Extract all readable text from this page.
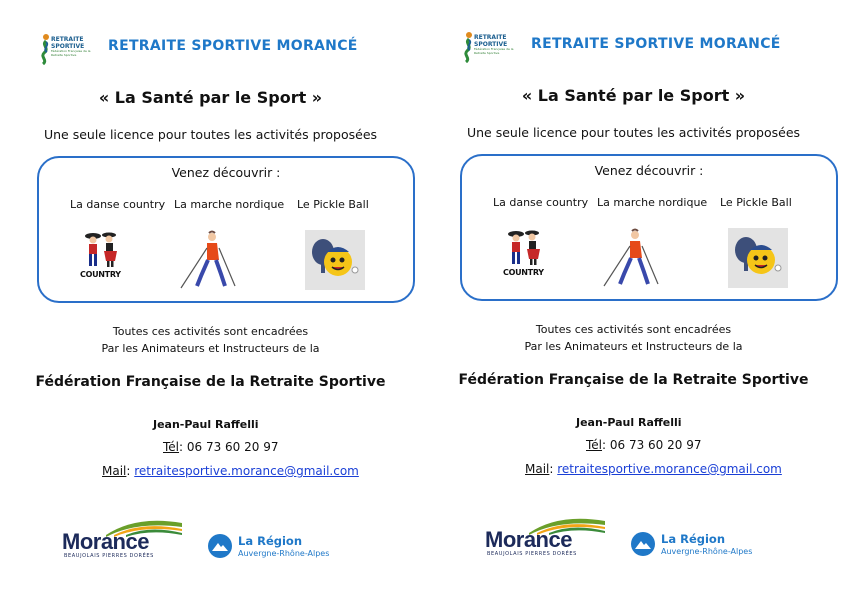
RETRAITE
SPORTIVE
Fédération Française de la Retraite Sportive
RETRAITE SPORTIVE MORANCÉ
« La Santé par le Sport »
Une seule licence pour toutes les activités proposées
Venez découvrir :
La danse country La marche nordique Le Pickle Ball
COUNTRY
Toutes ces activités sont encadrées
Par les Animateurs et Instructeurs de la
Fédération Française de la Retraite Sportive
Jean-Paul Raffelli
Tél: 06 73 60 20 97
Mail: retraitesportive.morance@gmail.com
Morance
BEAUJOLAIS PIERRES DORÉES
La Région
Auvergne-Rhône-Alpes
RETRAITE
SPORTIVE
Fédération Française de la Retraite Sportive
RETRAITE SPORTIVE MORANCÉ
« La Santé par le Sport »
Une seule licence pour toutes les activités proposées
Venez découvrir :
La danse country La marche nordique Le Pickle Ball
COUNTRY
Toutes ces activités sont encadrées
Par les Animateurs et Instructeurs de la
Fédération Française de la Retraite Sportive
Jean-Paul Raffelli
Tél: 06 73 60 20 97
Mail: retraitesportive.morance@gmail.com
Morance
BEAUJOLAIS PIERRES DORÉES
La Région
Auvergne-Rhône-Alpes
